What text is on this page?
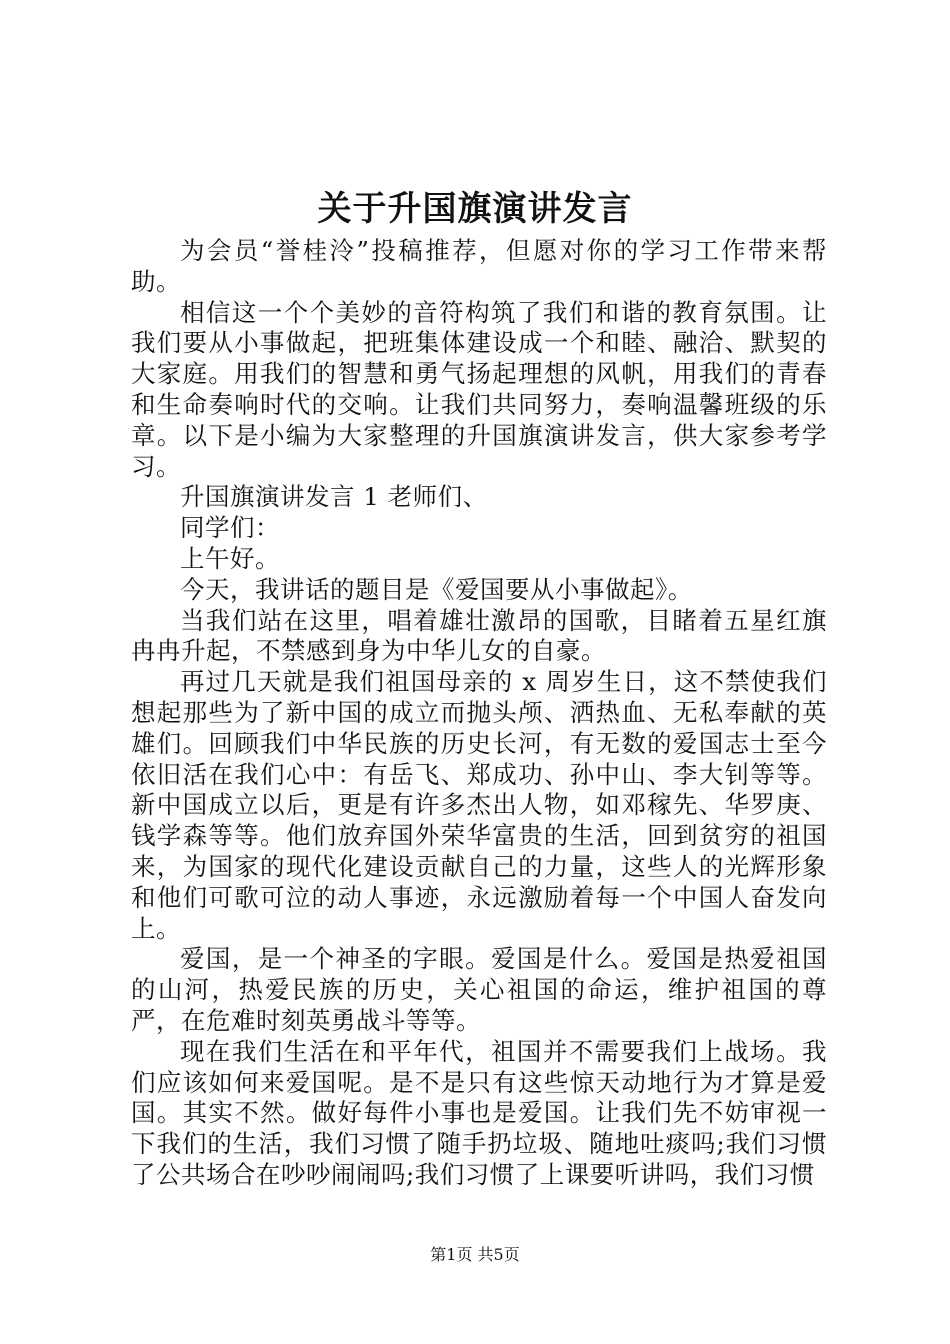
关于升国旗演讲发言

为会员“誉桂泠”投稿推荐，但愿对你的学习工作带来帮助。

相信这一个个美妙的音符构筑了我们和谐的教育氛围。让我们要从小事做起，把班集体建设成一个和睦、融洽、默契的大家庭。用我们的智慧和勇气扬起理想的风帆，用我们的青春和生命奏响时代的交响。让我们共同努力，奏响温馨班级的乐章。以下是小编为大家整理的升国旗演讲发言，供大家参考学习。

升国旗演讲发言 1 老师们、

同学们：

上午好。

今天，我讲话的题目是《爱国要从小事做起》。

当我们站在这里，唱着雄壮激昂的国歌，目睹着五星红旗冉冉升起，不禁感到身为中华儿女的自豪。

再过几天就是我们祖国母亲的 x 周岁生日，这不禁使我们想起那些为了新中国的成立而抛头颅、洒热血、无私奉献的英雄们。回顾我们中华民族的历史长河，有无数的爱国志士至今依旧活在我们心中：有岳飞、郑成功、孙中山、李大钊等等。新中国成立以后，更是有许多杰出人物，如邓稼先、华罗庚、钱学森等等。他们放弃国外荣华富贵的生活，回到贫穷的祖国来，为国家的现代化建设贡献自己的力量，这些人的光辉形象和他们可歌可泣的动人事迹，永远激励着每一个中国人奋发向上。

爱国，是一个神圣的字眼。爱国是什么。爱国是热爱祖国的山河，热爱民族的历史，关心祖国的命运，维护祖国的尊严，在危难时刻英勇战斗等等。

现在我们生活在和平年代，祖国并不需要我们上战场。我们应该如何来爱国呢。是不是只有这些惊天动地行为才算是爱国。其实不然。做好每件小事也是爱国。让我们先不妨审视一下我们的生活，我们习惯了随手扔垃圾、随地吐痰吗;我们习惯了公共场合在吵吵闹闹吗;我们习惯了上课要听讲吗，我们习惯

第1页 共5页
